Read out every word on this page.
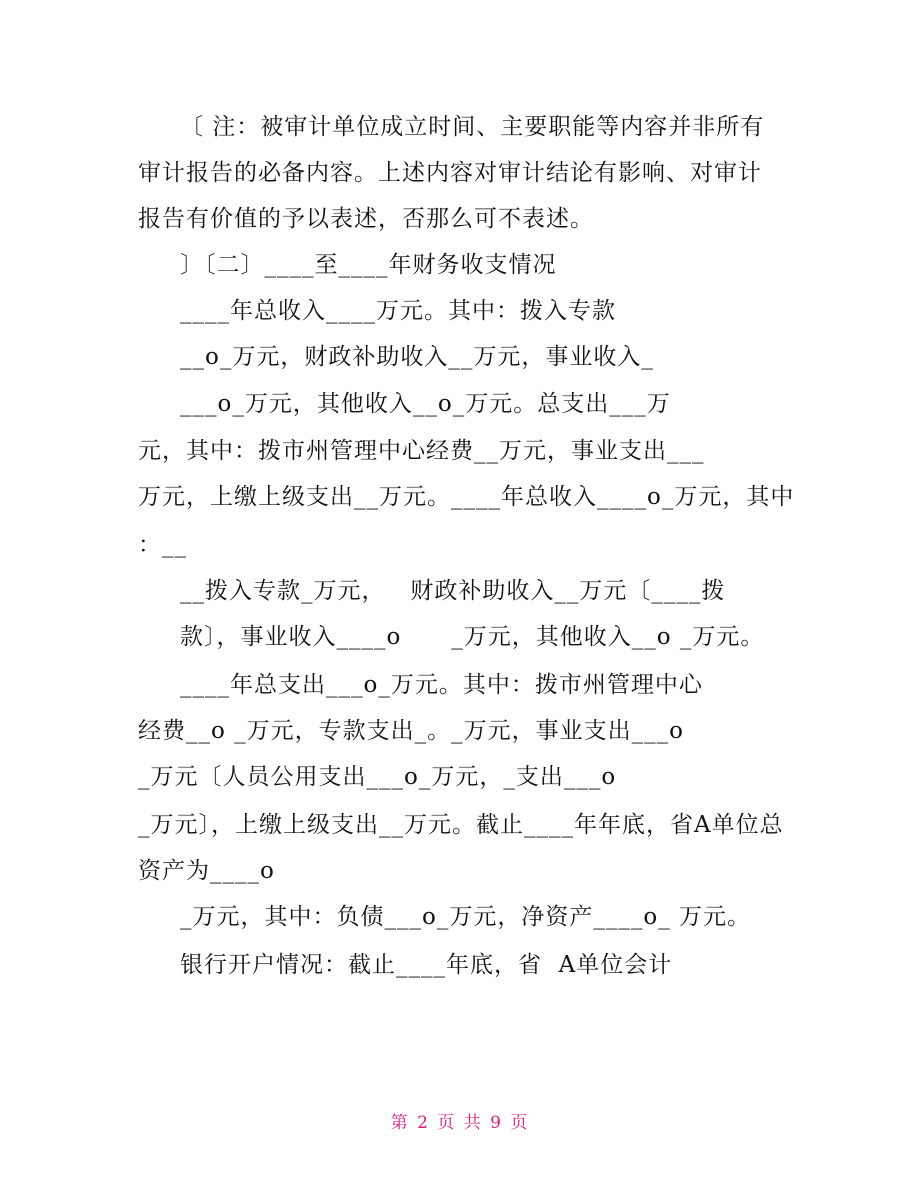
〔 注：被审计单位成立时间、主要职能等内容并非所有
审计报告的必备内容。上述内容对审计结论有影响、对审计
报告有价值的予以表述，否那么可不表述。
〕〔二〕____至____年财务收支情况
____年总收入____万元。其中：拨入专款
__o_万元，财政补助收入__万元，事业收入_
___o_万元，其他收入__o_万元。总支出___万
元，其中：拨市州管理中心经费__万元，事业支出___
万元，上缴上级支出__万元。____年总收入____o_万元，其中
：__
__拨入专款_万元，   财政补助收入__万元〔____拨
款〕，事业收入____o      _万元，其他收入__o _万元。
____年总支出___o_万元。其中：拨市州管理中心
经费__o _万元，专款支出_。_万元，事业支出___o
_万元〔人员公用支出___o_万元，_支出___o
_万元〕，上缴上级支出__万元。截止____年年底，省A单位总
资产为____o
_万元，其中：负债___o_万元，净资产____o_ 万元。
银行开户情况：截止____年底，省  A单位会计
第 2 页 共 9 页
